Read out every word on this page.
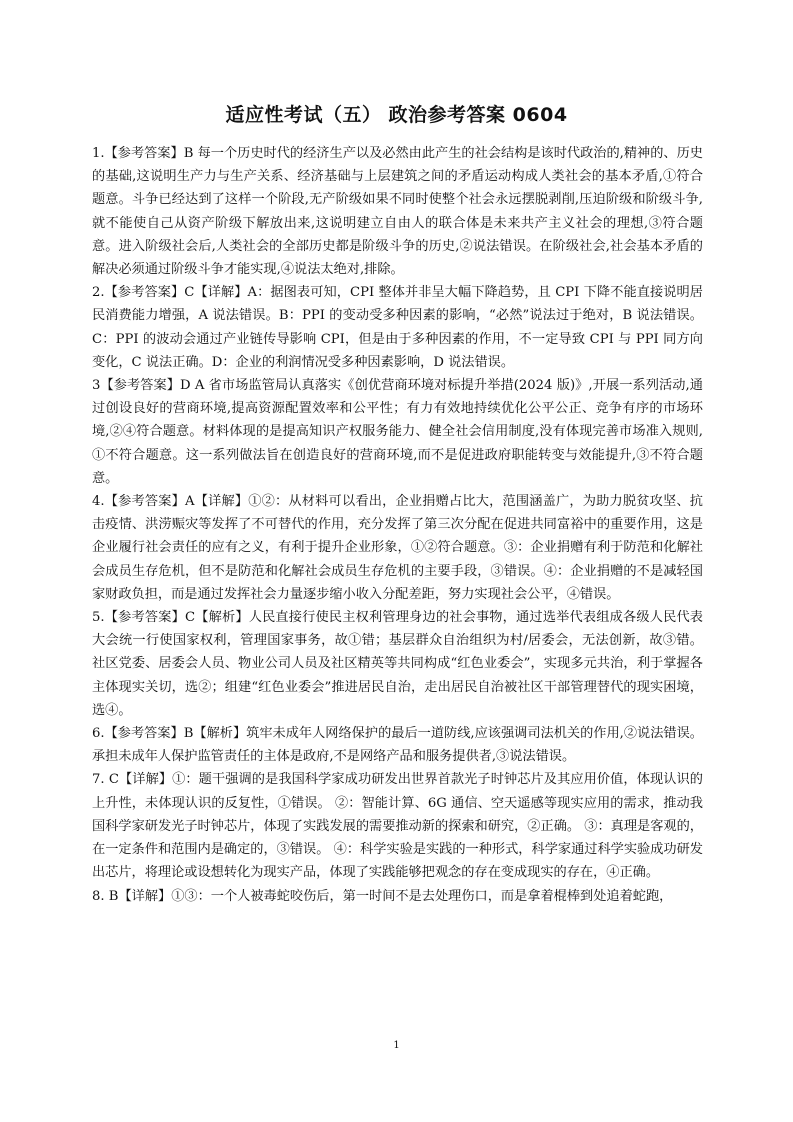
适应性考试（五） 政治参考答案 0604

1.【参考答案】B 每一个历史时代的经济生产以及必然由此产生的社会结构是该时代政治的,精神的、历史的基础,这说明生产力与生产关系、经济基础与上层建筑之间的矛盾运动构成人类社会的基本矛盾,①符合题意。斗争已经达到了这样一个阶段,无产阶级如果不同时使整个社会永远摆脱剥削,压迫阶级和阶级斗争,就不能使自己从资产阶级下解放出来,这说明建立自由人的联合体是未来共产主义社会的理想,③符合题意。进入阶级社会后,人类社会的全部历史都是阶级斗争的历史,②说法错误。在阶级社会,社会基本矛盾的解决必须通过阶级斗争才能实现,④说法太绝对,排除。

2.【参考答案】C【详解】A：据图表可知，CPI 整体并非呈大幅下降趋势，且 CPI 下降不能直接说明居民消费能力增强，A 说法错误。B：PPI 的变动受多种因素的影响，“必然”说法过于绝对，B 说法错误。C：PPI 的波动会通过产业链传导影响 CPI，但是由于多种因素的作用，不一定导致 CPI 与 PPI 同方向变化，C 说法正确。D：企业的利润情况受多种因素影响，D 说法错误。

3【参考答案】D A 省市场监管局认真落实《创优营商环境对标提升举措(2024 版)》,开展一系列活动,通过创设良好的营商环境,提高资源配置效率和公平性；有力有效地持续优化公平公正、竞争有序的市场环境,②④符合题意。材料体现的是提高知识产权服务能力、健全社会信用制度,没有体现完善市场准入规则,①不符合题意。这一系列做法旨在创造良好的营商环境,而不是促进政府职能转变与效能提升,③不符合题意。

4.【参考答案】A【详解】①②：从材料可以看出，企业捐赠占比大，范围涵盖广，为助力脱贫攻坚、抗击疫情、洪涝赈灾等发挥了不可替代的作用，充分发挥了第三次分配在促进共同富裕中的重要作用，这是企业履行社会责任的应有之义，有利于提升企业形象，①②符合题意。③：企业捐赠有利于防范和化解社会成员生存危机，但不是防范和化解社会成员生存危机的主要手段，③错误。④：企业捐赠的不是减轻国家财政负担，而是通过发挥社会力量逐步缩小收入分配差距，努力实现社会公平，④错误。

5.【参考答案】C【解析】人民直接行使民主权利管理身边的社会事物，通过选举代表组成各级人民代表大会统一行使国家权利，管理国家事务，故①错；基层群众自治组织为村/居委会，无法创新，故③错。社区党委、居委会人员、物业公司人员及社区精英等共同构成“红色业委会”，实现多元共治，利于掌握各主体现实关切，选②；组建“红色业委会”推进居民自治，走出居民自治被社区干部管理替代的现实困境，选④。

6.【参考答案】B【解析】筑牢未成年人网络保护的最后一道防线,应该强调司法机关的作用,②说法错误。承担未成年人保护监管责任的主体是政府,不是网络产品和服务提供者,③说法错误。

7. C【详解】①：题干强调的是我国科学家成功研发出世界首款光子时钟芯片及其应用价值，体现认识的上升性，未体现认识的反复性，①错误。 ②：智能计算、6G 通信、空天遥感等现实应用的需求，推动我国科学家研发光子时钟芯片，体现了实践发展的需要推动新的探索和研究，②正确。 ③：真理是客观的，在一定条件和范围内是确定的，③错误。 ④：科学实验是实践的一种形式，科学家通过科学实验成功研发出芯片，将理论或设想转化为现实产品，体现了实践能够把观念的存在变成现实的存在，④正确。

8. B【详解】①③：一个人被毒蛇咬伤后，第一时间不是去处理伤口，而是拿着棍棒到处追着蛇跑，

1
